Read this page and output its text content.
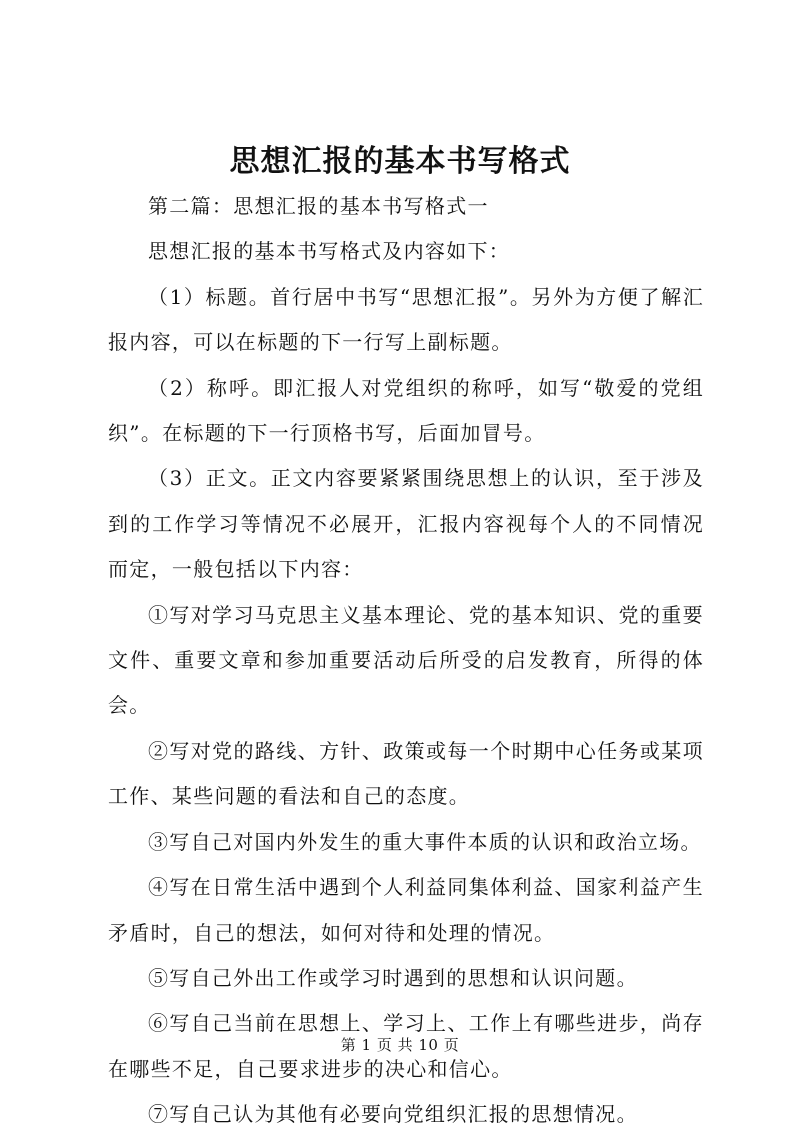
思想汇报的基本书写格式

第二篇：思想汇报的基本书写格式一

思想汇报的基本书写格式及内容如下：

（1）标题。首行居中书写“思想汇报”。另外为方便了解汇报内容，可以在标题的下一行写上副标题。

（2）称呼。即汇报人对党组织的称呼，如写“敬爱的党组织”。在标题的下一行顶格书写，后面加冒号。

（3）正文。正文内容要紧紧围绕思想上的认识，至于涉及到的工作学习等情况不必展开，汇报内容视每个人的不同情况而定，一般包括以下内容：

①写对学习马克思主义基本理论、党的基本知识、党的重要文件、重要文章和参加重要活动后所受的启发教育，所得的体会。

②写对党的路线、方针、政策或每一个时期中心任务或某项工作、某些问题的看法和自己的态度。

③写自己对国内外发生的重大事件本质的认识和政治立场。

④写在日常生活中遇到个人利益同集体利益、国家利益产生矛盾时，自己的想法，如何对待和处理的情况。

⑤写自己外出工作或学习时遇到的思想和认识问题。

⑥写自己当前在思想上、学习上、工作上有哪些进步，尚存在哪些不足，自己要求进步的决心和信心。

⑦写自己认为其他有必要向党组织汇报的思想情况。

第 1 页 共 10 页
